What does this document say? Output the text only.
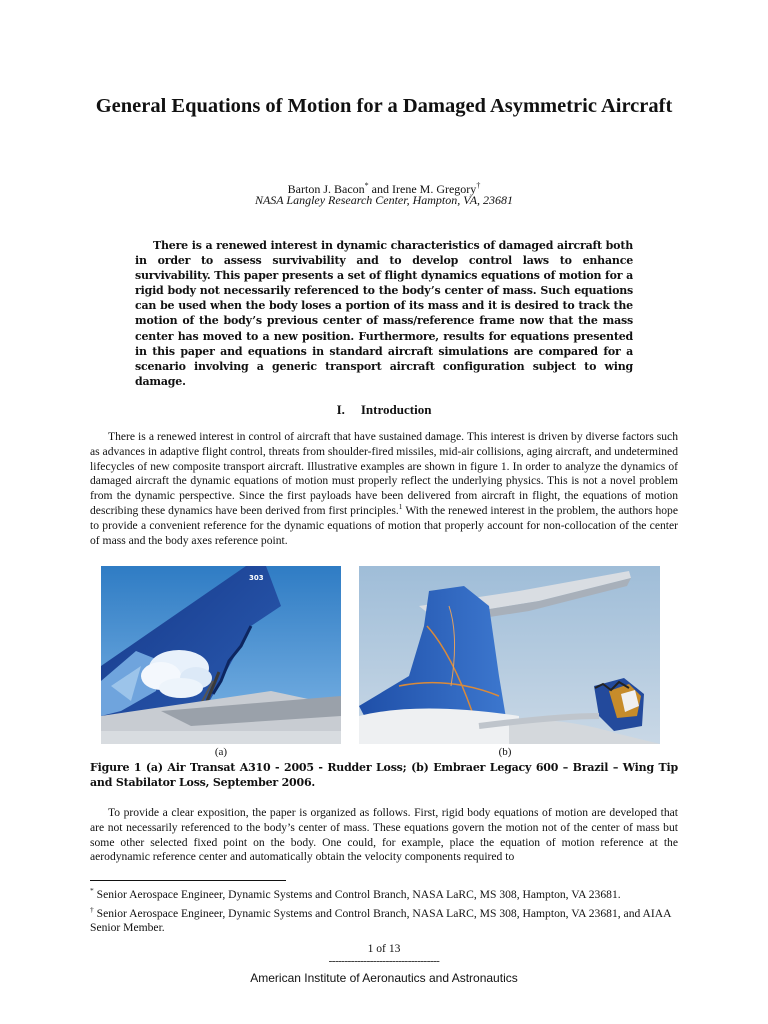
General Equations of Motion for a Damaged Asymmetric Aircraft
Barton J. Bacon* and Irene M. Gregory†
NASA Langley Research Center, Hampton, VA, 23681

There is a renewed interest in dynamic characteristics of damaged aircraft both in order to assess survivability and to develop control laws to enhance survivability. This paper presents a set of flight dynamics equations of motion for a rigid body not necessarily referenced to the body’s center of mass. Such equations can be used when the body loses a portion of its mass and it is desired to track the motion of the body’s previous center of mass/reference frame now that the mass center has moved to a new position. Furthermore, results for equations presented in this paper and equations in standard aircraft simulations are compared for a scenario involving a generic transport aircraft configuration subject to wing damage.

I. Introduction

There is a renewed interest in control of aircraft that have sustained damage. This interest is driven by diverse factors such as advances in adaptive flight control, threats from shoulder-fired missiles, mid-air collisions, aging aircraft, and undetermined lifecycles of new composite transport aircraft. Illustrative examples are shown in figure 1. In order to analyze the dynamics of damaged aircraft the dynamic equations of motion must properly reflect the underlying physics. This is not a novel problem from the dynamic perspective. Since the first payloads have been delivered from aircraft in flight, the equations of motion describing these dynamics have been derived from first principles.$^1$ With the renewed interest in the problem, the authors hope to provide a convenient reference for the dynamic equations of motion that properly account for non-collocation of the center of mass and the body axes reference point.

303
(a)	(b)

Figure 1 (a) Air Transat A310 - 2005 - Rudder Loss; (b) Embraer Legacy 600 – Brazil – Wing Tip and Stabilator Loss, September 2006.

To provide a clear exposition, the paper is organized as follows. First, rigid body equations of motion are developed that are not necessarily referenced to the body’s center of mass. These equations govern the motion not of the center of mass but some other selected fixed point on the body. One could, for example, place the equation of motion reference at the aerodynamic reference center and automatically obtain the velocity components required to

* Senior Aerospace Engineer, Dynamic Systems and Control Branch, NASA LaRC, MS 308, Hampton, VA 23681.

† Senior Aerospace Engineer, Dynamic Systems and Control Branch, NASA LaRC, MS 308, Hampton, VA 23681, and AIAA Senior Member.

1 of 13
-----------------------------------
American Institute of Aeronautics and Astronautics
